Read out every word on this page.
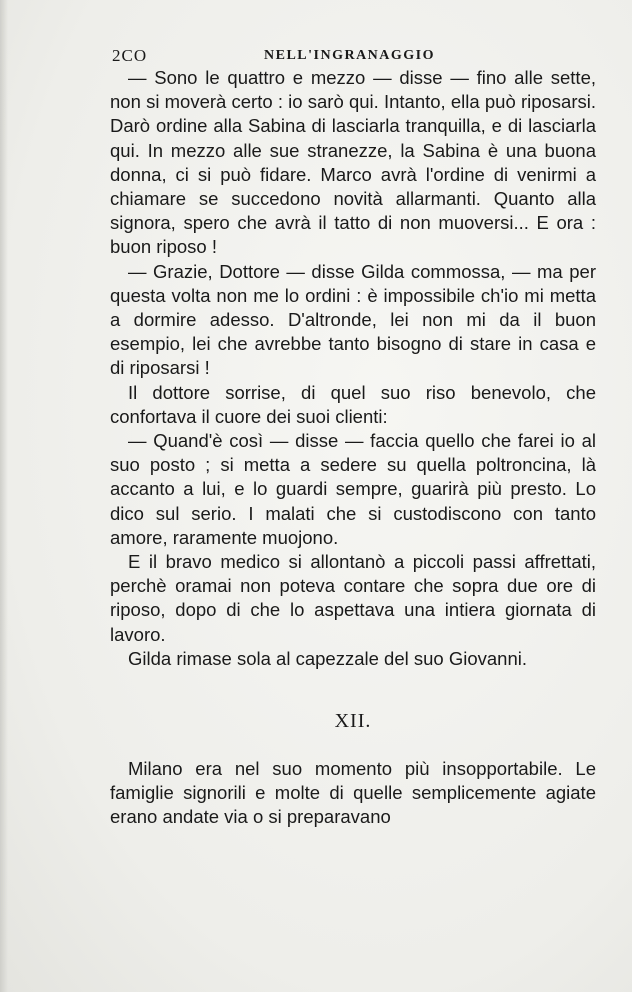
2CO	NELL'INGRANAGGIO

— Sono le quattro e mezzo — disse — fino alle sette, non si moverà certo : io sarò qui. Intanto, ella può riposarsi. Darò ordine alla Sabina di lasciarla tranquilla, e di lasciarla qui. In mezzo alle sue stranezze, la Sabina è una buona donna, ci si può fidare. Marco avrà l'ordine di venirmi a chiamare se succedono novità allarmanti. Quanto alla signora, spero che avrà il tatto di non muoversi... E ora : buon riposo !

— Grazie, Dottore — disse Gilda commossa, — ma per questa volta non me lo ordini : è impossibile ch'io mi metta a dormire adesso. D'altronde, lei non mi da il buon esempio, lei che avrebbe tanto bisogno di stare in casa e di riposarsi !

Il dottore sorrise, di quel suo riso benevolo, che confortava il cuore dei suoi clienti:

— Quand'è così — disse — faccia quello che farei io al suo posto ; si metta a sedere su quella poltroncina, là accanto a lui, e lo guardi sempre, guarirà più presto. Lo dico sul serio. I malati che si custodiscono con tanto amore, raramente muojono.

E il bravo medico si allontanò a piccoli passi affrettati, perchè oramai non poteva contare che sopra due ore di riposo, dopo di che lo aspettava una intiera giornata di lavoro.

Gilda rimase sola al capezzale del suo Giovanni.

XII.

Milano era nel suo momento più insopportabile. Le famiglie signorili e molte di quelle semplicemente agiate erano andate via o si preparavano
